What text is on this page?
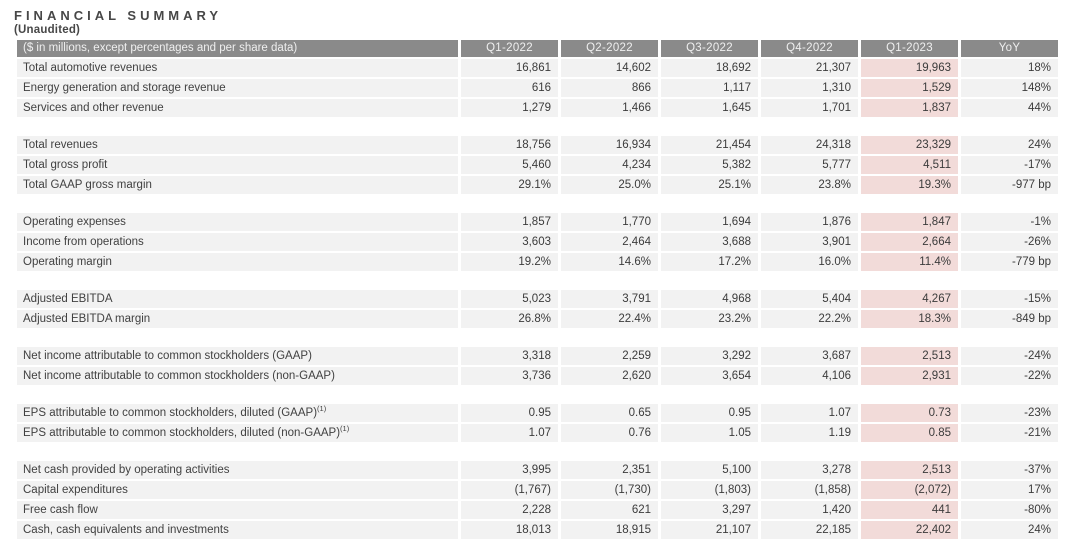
FINANCIAL SUMMARY
(Unaudited)
($ in millions, except percentages and per share data)	Q1-2022	Q2-2022	Q3-2022	Q4-2022	Q1-2023	YoY
Total automotive revenues	16,861	14,602	18,692	21,307	19,963	18%
Energy generation and storage revenue	616	866	1,117	1,310	1,529	148%
Services and other revenue	1,279	1,466	1,645	1,701	1,837	44%
Total revenues	18,756	16,934	21,454	24,318	23,329	24%
Total gross profit	5,460	4,234	5,382	5,777	4,511	-17%
Total GAAP gross margin	29.1%	25.0%	25.1%	23.8%	19.3%	-977 bp
Operating expenses	1,857	1,770	1,694	1,876	1,847	-1%
Income from operations	3,603	2,464	3,688	3,901	2,664	-26%
Operating margin	19.2%	14.6%	17.2%	16.0%	11.4%	-779 bp
Adjusted EBITDA	5,023	3,791	4,968	5,404	4,267	-15%
Adjusted EBITDA margin	26.8%	22.4%	23.2%	22.2%	18.3%	-849 bp
Net income attributable to common stockholders (GAAP)	3,318	2,259	3,292	3,687	2,513	-24%
Net income attributable to common stockholders (non-GAAP)	3,736	2,620	3,654	4,106	2,931	-22%
EPS attributable to common stockholders, diluted (GAAP)$^{(1)}$	0.95	0.65	0.95	1.07	0.73	-23%
EPS attributable to common stockholders, diluted (non-GAAP)$^{(1)}$	1.07	0.76	1.05	1.19	0.85	-21%
Net cash provided by operating activities	3,995	2,351	5,100	3,278	2,513	-37%
Capital expenditures	(1,767)	(1,730)	(1,803)	(1,858)	(2,072)	17%
Free cash flow	2,228	621	3,297	1,420	441	-80%
Cash, cash equivalents and investments	18,013	18,915	21,107	22,185	22,402	24%
